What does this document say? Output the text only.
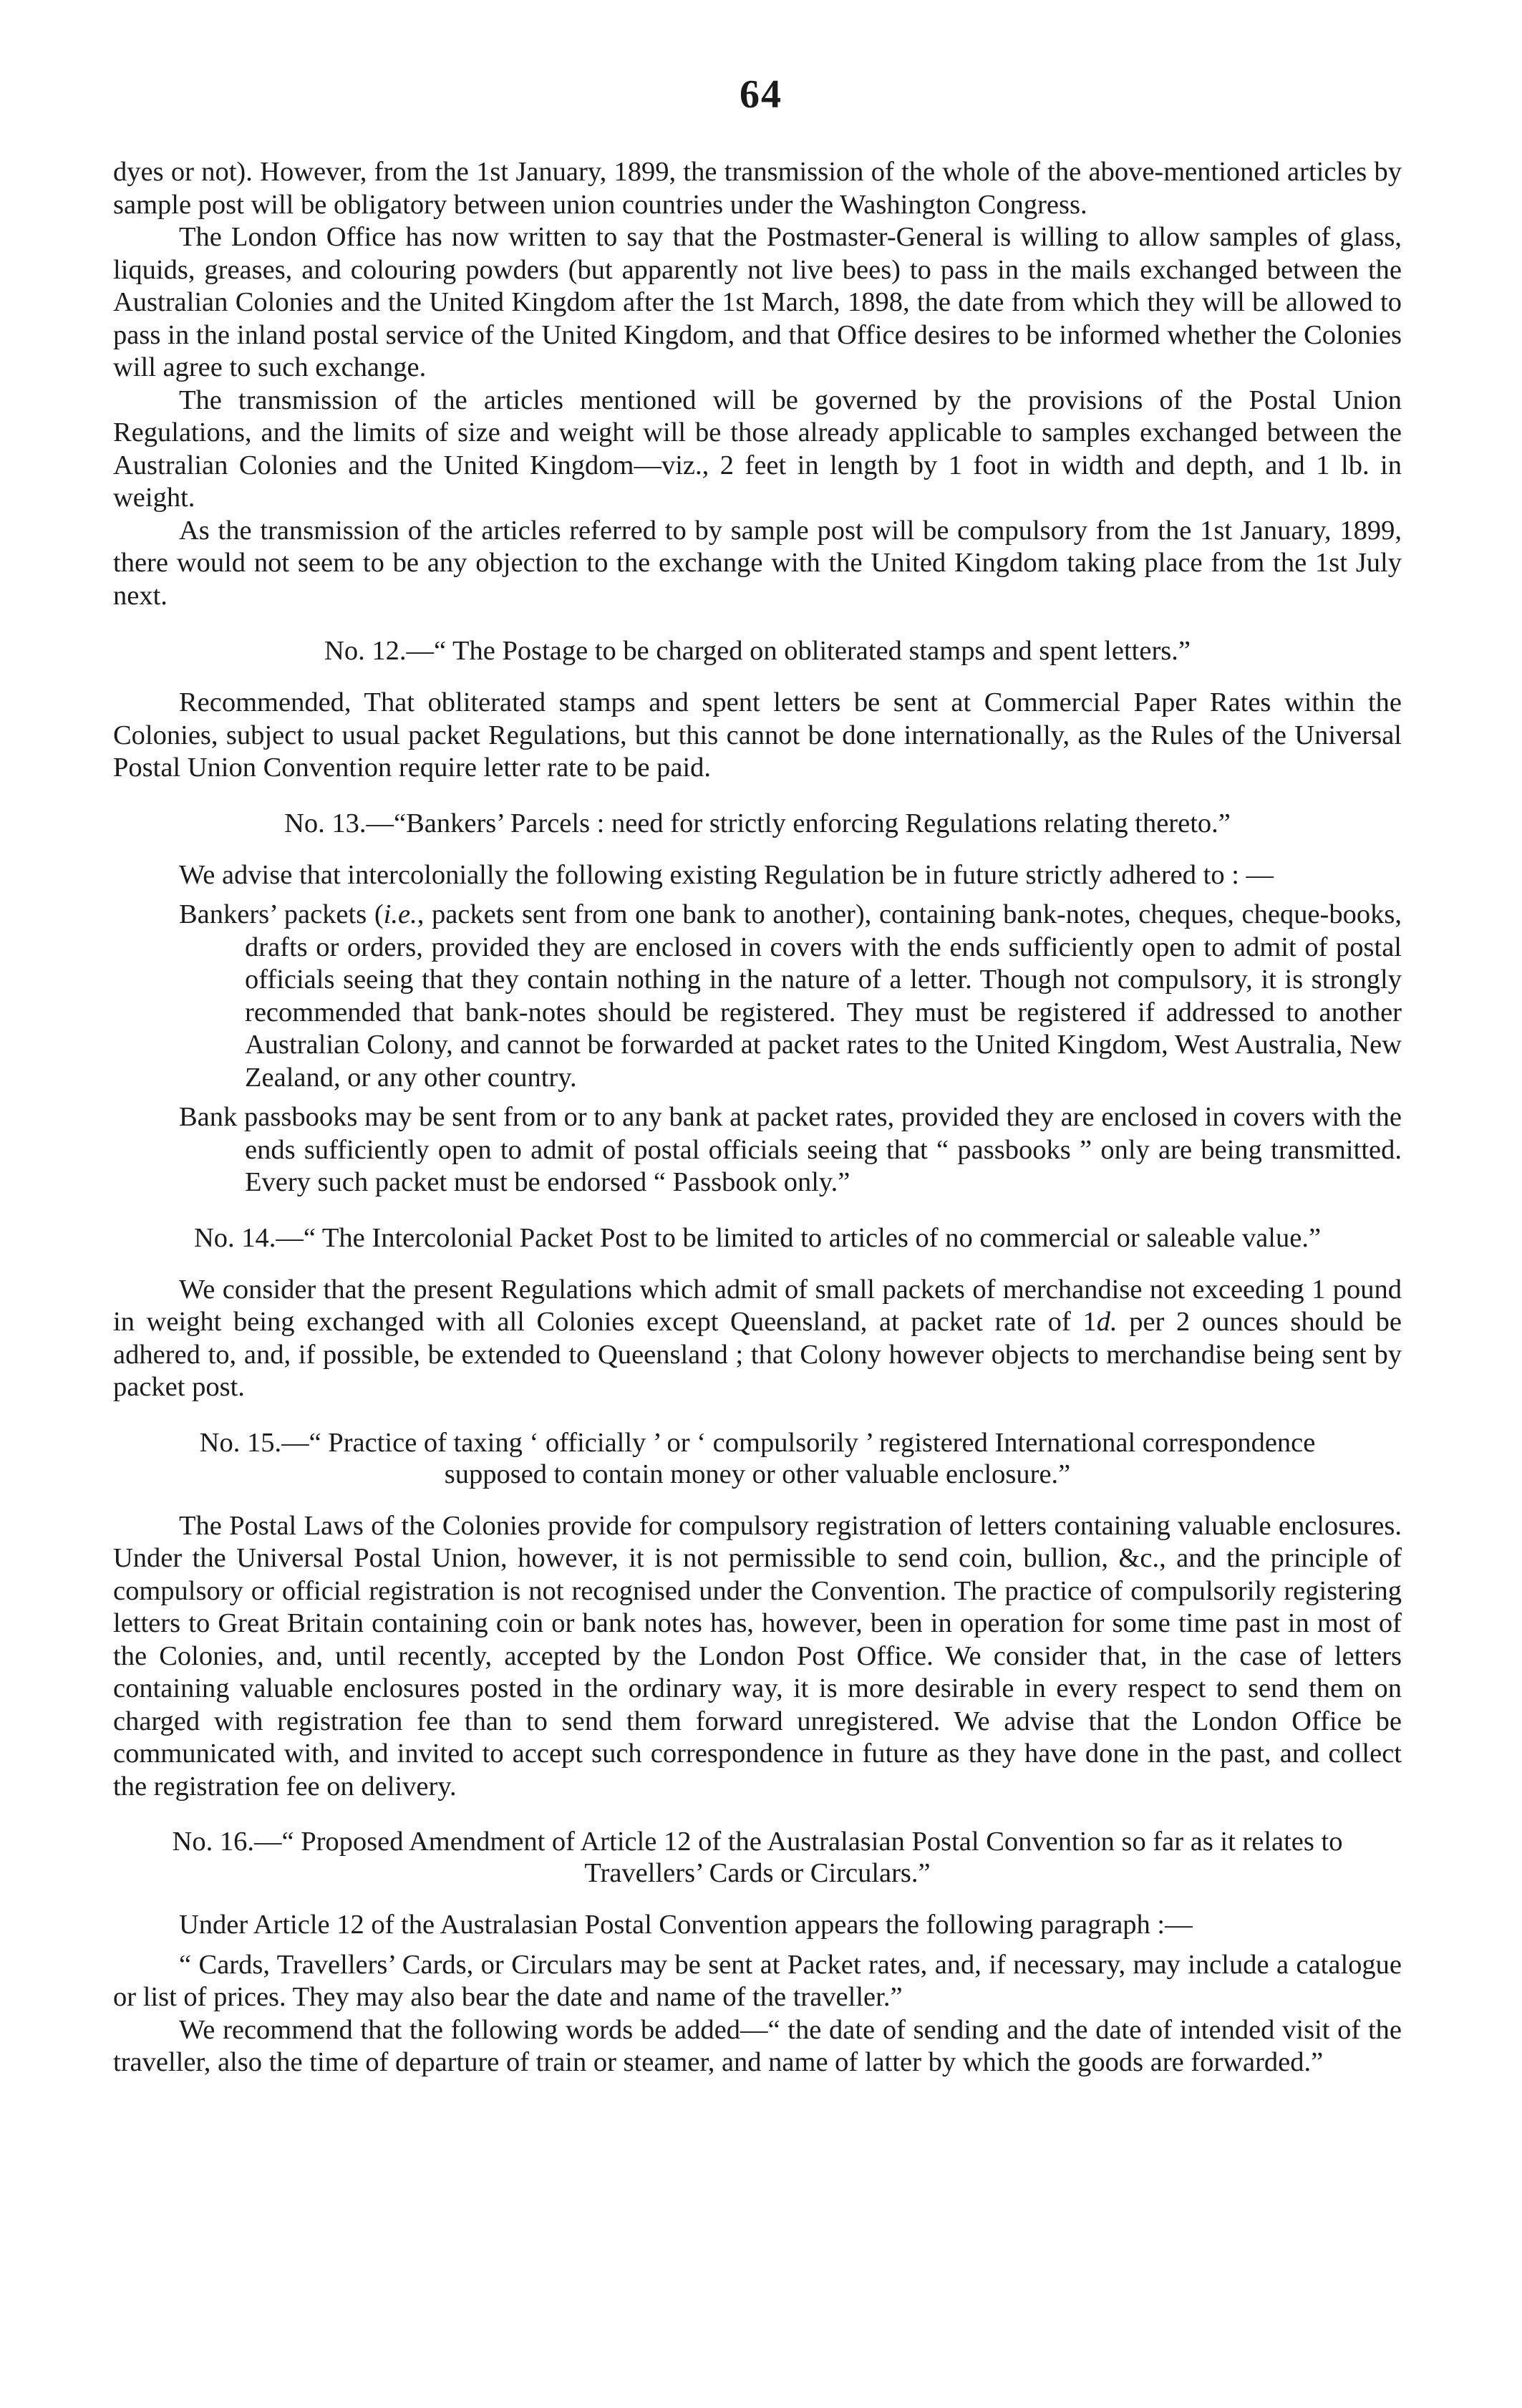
64

dyes or not). However, from the 1st January, 1899, the transmission of the whole of the above-mentioned articles by sample post will be obligatory between union countries under the Washington Congress.

The London Office has now written to say that the Postmaster-General is willing to allow samples of glass, liquids, greases, and colouring powders (but apparently not live bees) to pass in the mails exchanged between the Australian Colonies and the United Kingdom after the 1st March, 1898, the date from which they will be allowed to pass in the inland postal service of the United Kingdom, and that Office desires to be informed whether the Colonies will agree to such exchange.

The transmission of the articles mentioned will be governed by the provisions of the Postal Union Regulations, and the limits of size and weight will be those already applicable to samples exchanged between the Australian Colonies and the United Kingdom—viz., 2 feet in length by 1 foot in width and depth, and 1 lb. in weight.

As the transmission of the articles referred to by sample post will be compulsory from the 1st January, 1899, there would not seem to be any objection to the exchange with the United Kingdom taking place from the 1st July next.

No. 12.—“ The Postage to be charged on obliterated stamps and spent letters.”

Recommended, That obliterated stamps and spent letters be sent at Commercial Paper Rates within the Colonies, subject to usual packet Regulations, but this cannot be done internationally, as the Rules of the Universal Postal Union Convention require letter rate to be paid.

No. 13.—“Bankers’ Parcels : need for strictly enforcing Regulations relating thereto.”

We advise that intercolonially the following existing Regulation be in future strictly adhered to : —

Bankers’ packets (i.e., packets sent from one bank to another), containing bank-notes, cheques, cheque-books, drafts or orders, provided they are enclosed in covers with the ends sufficiently open to admit of postal officials seeing that they contain nothing in the nature of a letter. Though not compulsory, it is strongly recommended that bank-notes should be registered. They must be registered if addressed to another Australian Colony, and cannot be forwarded at packet rates to the United Kingdom, West Australia, New Zealand, or any other country.

Bank passbooks may be sent from or to any bank at packet rates, provided they are enclosed in covers with the ends sufficiently open to admit of postal officials seeing that “ passbooks ” only are being transmitted. Every such packet must be endorsed “ Passbook only.”

No. 14.—“ The Intercolonial Packet Post to be limited to articles of no commercial or saleable value.”

We consider that the present Regulations which admit of small packets of merchandise not exceeding 1 pound in weight being exchanged with all Colonies except Queensland, at packet rate of 1d. per 2 ounces should be adhered to, and, if possible, be extended to Queensland ; that Colony however objects to merchandise being sent by packet post.

No. 15.—“ Practice of taxing ‘ officially ’ or ‘ compulsorily ’ registered International correspondence supposed to contain money or other valuable enclosure.”

The Postal Laws of the Colonies provide for compulsory registration of letters containing valuable enclosures. Under the Universal Postal Union, however, it is not permissible to send coin, bullion, &c., and the principle of compulsory or official registration is not recognised under the Convention. The practice of compulsorily registering letters to Great Britain containing coin or bank notes has, however, been in operation for some time past in most of the Colonies, and, until recently, accepted by the London Post Office. We consider that, in the case of letters containing valuable enclosures posted in the ordinary way, it is more desirable in every respect to send them on charged with registration fee than to send them forward unregistered. We advise that the London Office be communicated with, and invited to accept such correspondence in future as they have done in the past, and collect the registration fee on delivery.

No. 16.—“ Proposed Amendment of Article 12 of the Australasian Postal Convention so far as it relates to Travellers’ Cards or Circulars.”

Under Article 12 of the Australasian Postal Convention appears the following paragraph :—

“ Cards, Travellers’ Cards, or Circulars may be sent at Packet rates, and, if necessary, may include a catalogue or list of prices. They may also bear the date and name of the traveller.”

We recommend that the following words be added—“ the date of sending and the date of intended visit of the traveller, also the time of departure of train or steamer, and name of latter by which the goods are forwarded.”
